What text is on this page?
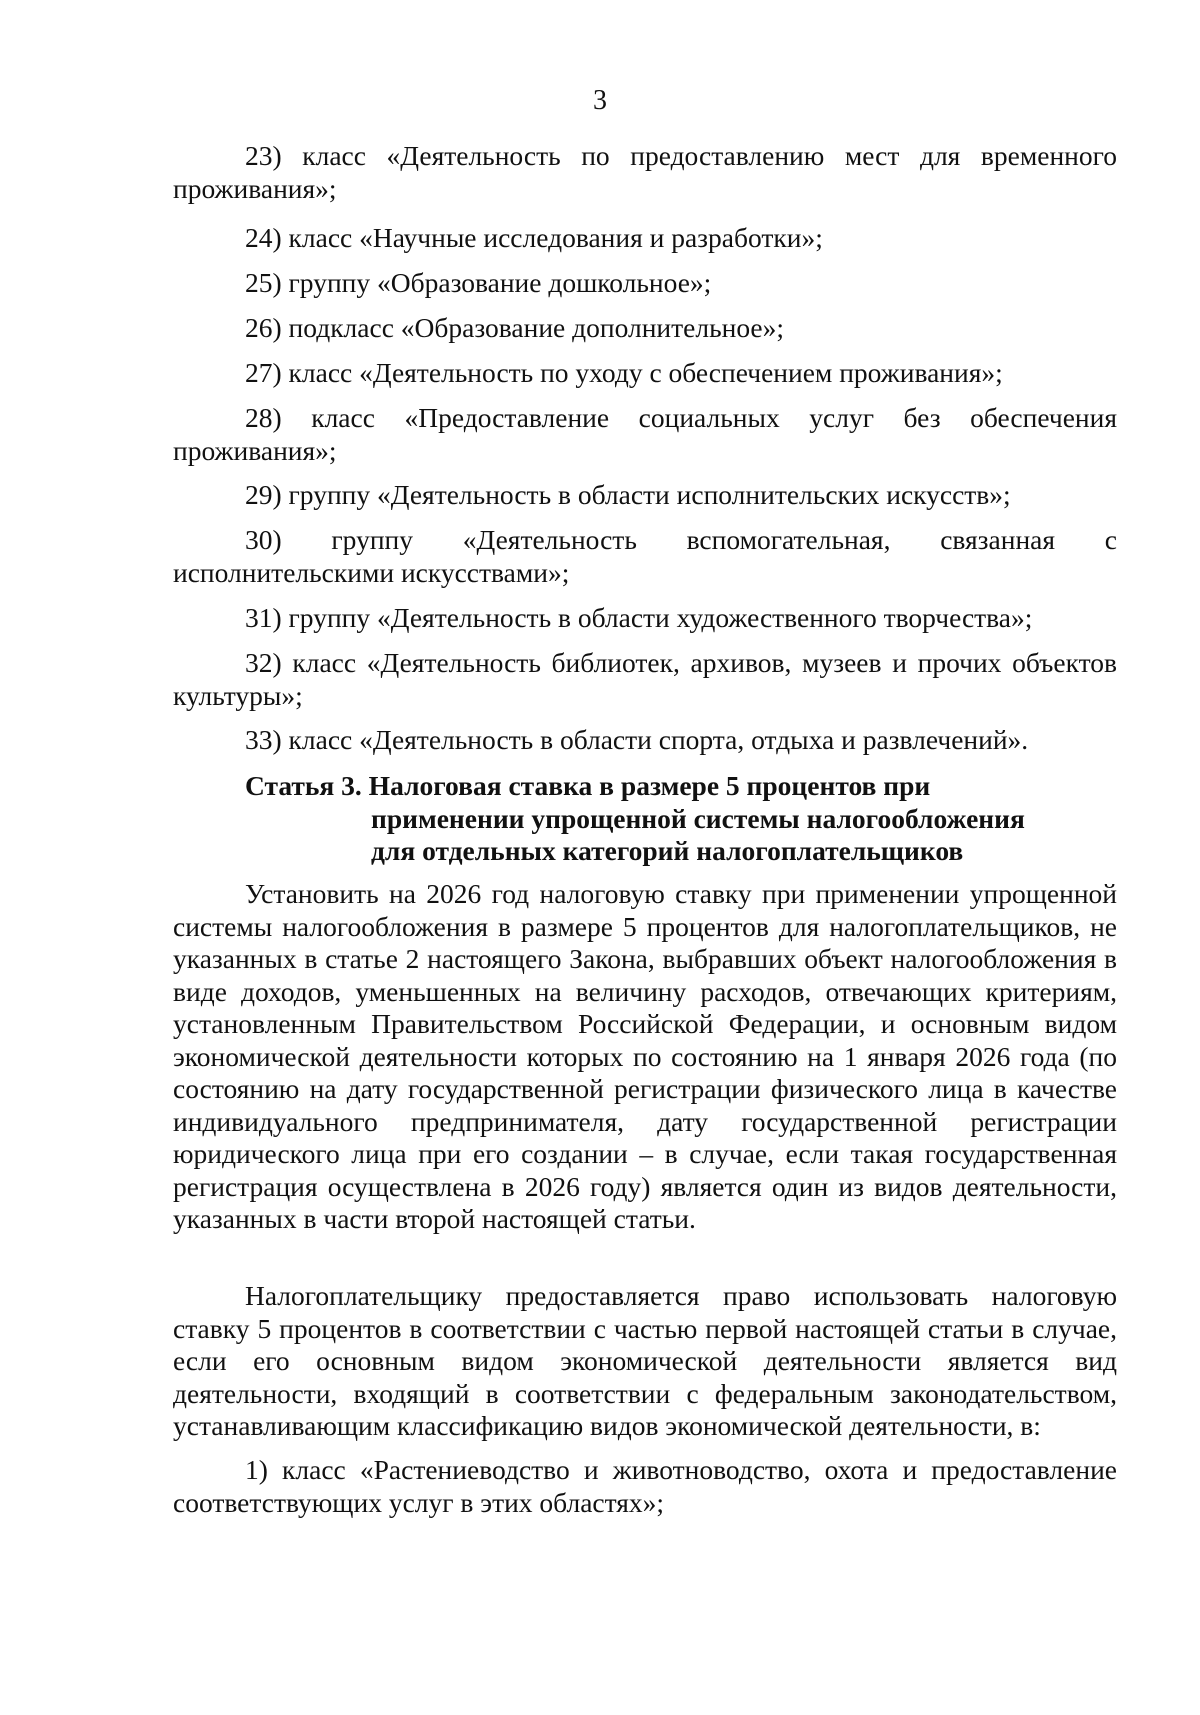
3

23) класс «Деятельность по предоставлению мест для временного проживания»;

24) класс «Научные исследования и разработки»;

25) группу «Образование дошкольное»;

26) подкласс «Образование дополнительное»;

27) класс «Деятельность по уходу с обеспечением проживания»;

28) класс «Предоставление социальных услуг без обеспечения проживания»;

29) группу «Деятельность в области исполнительских искусств»;

30) группу «Деятельность вспомогательная, связанная с исполнительскими искусствами»;

31) группу «Деятельность в области художественного творчества»;

32) класс «Деятельность библиотек, архивов, музеев и прочих объектов культуры»;

33) класс «Деятельность в области спорта, отдыха и развлечений».

Статья 3. Налоговая ставка в размере 5 процентов при
применении упрощенной системы налогообложения
для отдельных категорий налогоплательщиков

Установить на 2026 год налоговую ставку при применении упрощенной системы налогообложения в размере 5 процентов для налогоплательщиков, не указанных в статье 2 настоящего Закона, выбравших объект налогообложения в виде доходов, уменьшенных на величину расходов, отвечающих критериям, установленным Правительством Российской Федерации, и основным видом экономической деятельности которых по состоянию на 1 января 2026 года (по состоянию на дату государственной регистрации физического лица в качестве индивидуального предпринимателя, дату государственной регистрации юридического лица при его создании – в случае, если такая государственная регистрация осуществлена в 2026 году) является один из видов деятельности, указанных в части второй настоящей статьи.

Налогоплательщику предоставляется право использовать налоговую ставку 5 процентов в соответствии с частью первой настоящей статьи в случае, если его основным видом экономической деятельности является вид деятельности, входящий в соответствии с федеральным законодательством, устанавливающим классификацию видов экономической деятельности, в:

1) класс «Растениеводство и животноводство, охота и предоставление соответствующих услуг в этих областях»;
